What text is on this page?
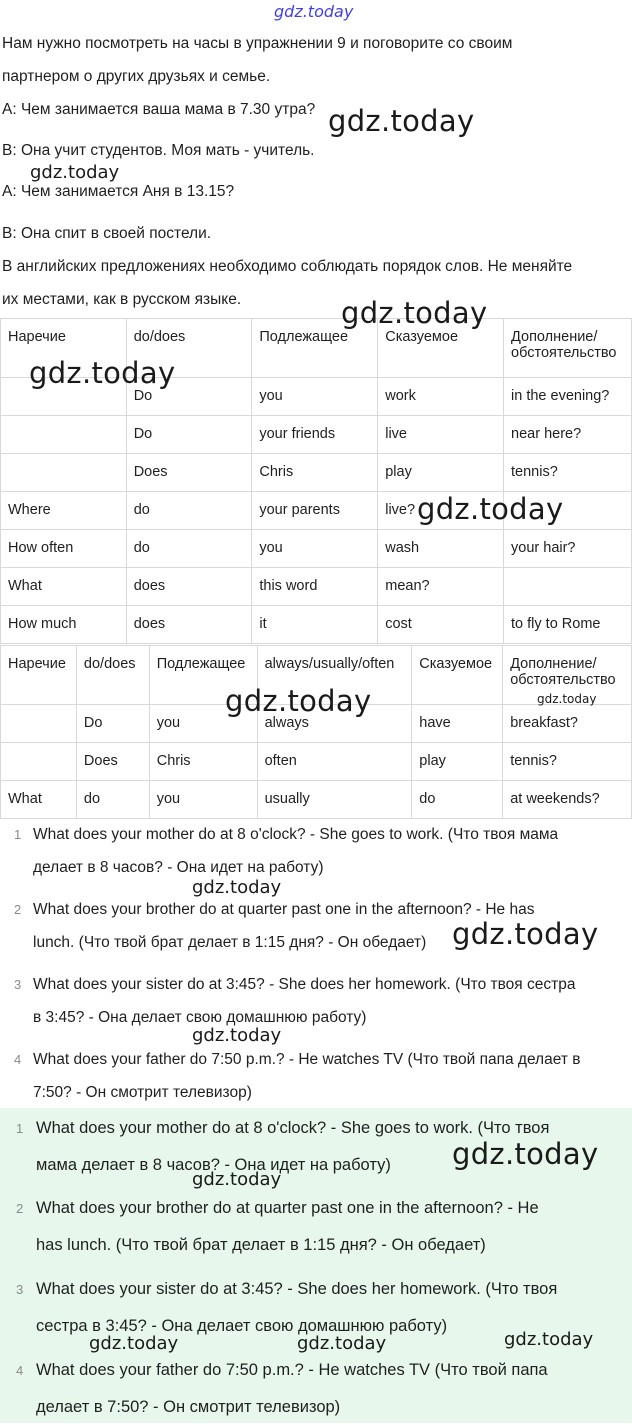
gdz.today
Нам нужно посмотреть на часы в упражнении 9 и поговорите со своим
партнером о других друзьях и семье.
A: Чем занимается ваша мама в 7.30 утра?
B: Она учит студентов. Моя мать - учитель.
A: Чем занимается Аня в 13.15?
B: Она спит в своей постели.
В английских предложениях необходимо соблюдать порядок слов. Не меняйте
их местами, как в русском языке.
Наречие	do/does	Подлежащее	Сказуемое	Дополнение/
обстоятельство
	Do	you	work	in the evening?
	Do	your friends	live	near here?
	Does	Chris	play	tennis?
Where	do	your parents	live?	
How often	do	you	wash	your hair?
What	does	this word	mean?	
How much	does	it	cost	to fly to Rome
Наречие	do/does	Подлежащее	always/usually/often	Сказуемое	Дополнение/
обстоятельство
	Do	you	always	have	breakfast?
	Does	Chris	often	play	tennis?
What	do	you	usually	do	at weekends?
1 What does your mother do at 8 o'clock? - She goes to work. (Что твоя мама
делает в 8 часов? - Она идет на работу)
2 What does your brother do at quarter past one in the afternoon? - He has
lunch. (Что твой брат делает в 1:15 дня? - Он обедает)
3 What does your sister do at 3:45? - She does her homework. (Что твоя сестра
в 3:45? - Она делает свою домашнюю работу)
4 What does your father do 7:50 p.m.? - He watches TV (Что твой папа делает в
7:50? - Он смотрит телевизор)
1 What does your mother do at 8 o'clock? - She goes to work. (Что твоя
мама делает в 8 часов? - Она идет на работу)
2 What does your brother do at quarter past one in the afternoon? - He
has lunch. (Что твой брат делает в 1:15 дня? - Он обедает)
3 What does your sister do at 3:45? - She does her homework. (Что твоя
сестра в 3:45? - Она делает свою домашнюю работу)
4 What does your father do 7:50 p.m.? - He watches TV (Что твой папа
делает в 7:50? - Он смотрит телевизор)
gdz.today
gdz.today
gdz.today
gdz.today
gdz.today
gdz.today	gdz.today
gdz.today
gdz.today
gdz.today
gdz.today
gdz.today
gdz.today	gdz.today	gdz.today
